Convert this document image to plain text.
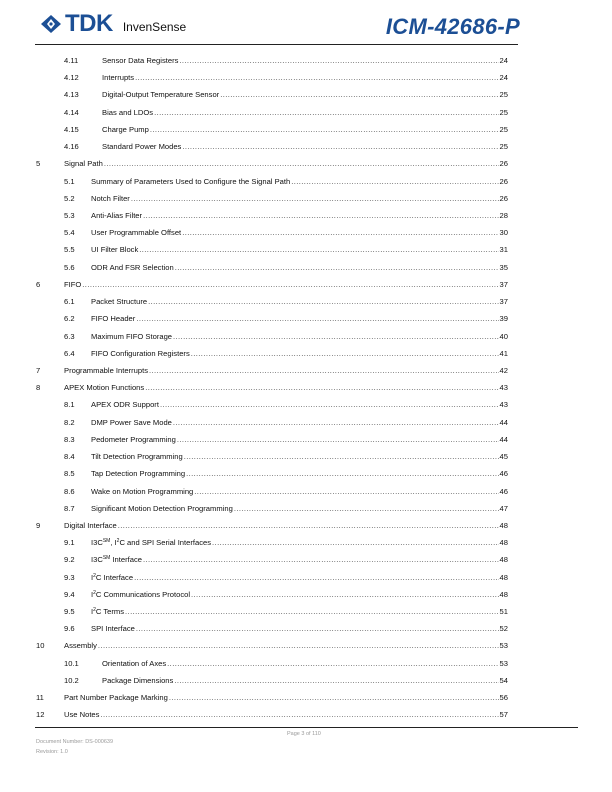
TDK InvenSense	ICM-42686-P
4.11	Sensor Data Registers .....	24
4.12	Interrupts .....	24
4.13	Digital-Output Temperature Sensor .....	25
4.14	Bias and LDOs .....	25
4.15	Charge Pump .....	25
4.16	Standard Power Modes .....	25
5	Signal Path .....	26
5.1 Summary of Parameters Used to Configure the Signal Path .....	26
5.2 Notch Filter .....	26
5.3 Anti-Alias Filter .....	28
5.4 User Programmable Offset .....	30
5.5 UI Filter Block .....	31
5.6 ODR And FSR Selection .....	35
6	FIFO .....	37
6.1 Packet Structure .....	37
6.2 FIFO Header .....	39
6.3 Maximum FIFO Storage .....	40
6.4 FIFO Configuration Registers .....	41
7	Programmable Interrupts .....	42
8	APEX Motion Functions .....	43
8.1 APEX ODR Support .....	43
8.2 DMP Power Save Mode .....	44
8.3 Pedometer Programming .....	44
8.4 Tilt Detection Programming .....	45
8.5 Tap Detection Programming .....	46
8.6 Wake on Motion Programming .....	46
8.7 Significant Motion Detection Programming .....	47
9	Digital Interface .....	48
9.1 I3C℠, $I^2C$ and SPI Serial Interfaces .....	48
9.2 I3C℠ Interface .....	48
9.3 $I^2C$ Interface .....	48
9.4 $I^2C$ Communications Protocol .....	48
9.5 $I^2C$ Terms .....	51
9.6 SPI Interface .....	52
10	Assembly .....	53
10.1	Orientation of Axes .....	53
10.2	Package Dimensions .....	54
11	Part Number Package Marking .....	56
12	Use Notes .....	57
Page 3 of 110
Document Number: DS-000639
Revision: 1.0
